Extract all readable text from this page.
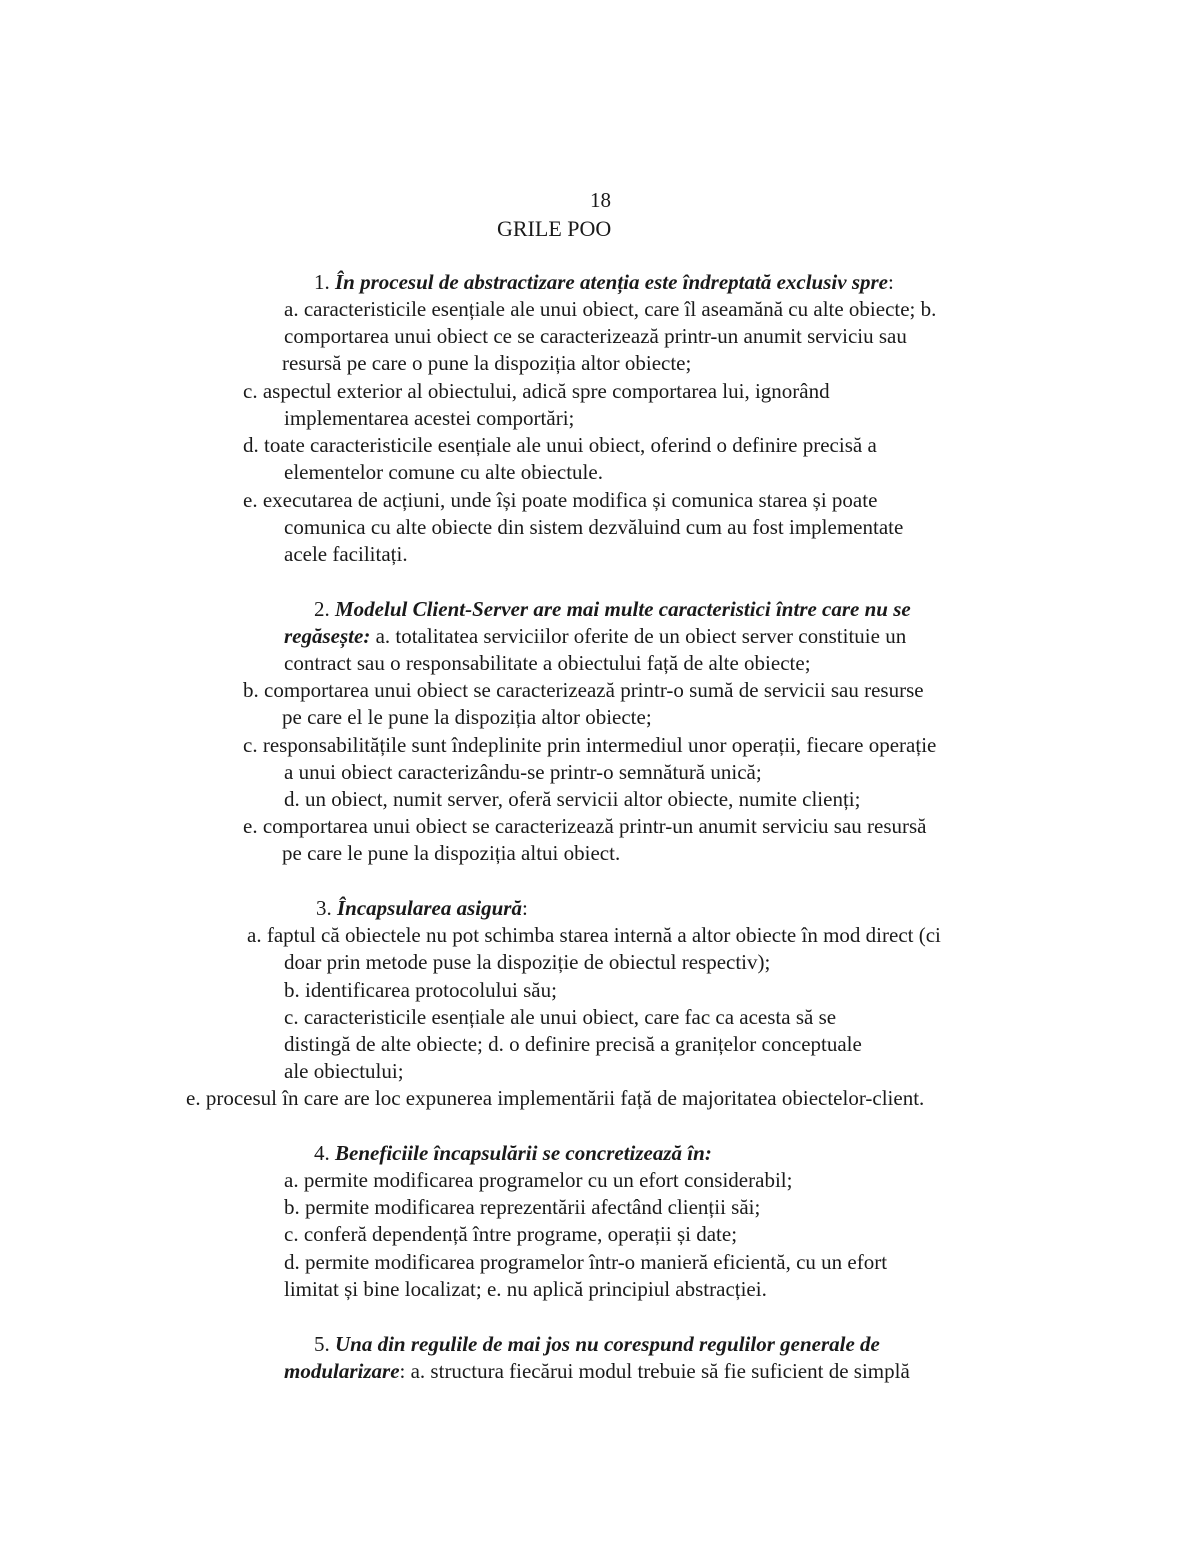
18
GRILE POO
1. În procesul de abstractizare atenția este îndreptată exclusiv spre:
a. caracteristicile esențiale ale unui obiect, care îl aseamănă cu alte obiecte; b.
comportarea unui obiect ce se caracterizează printr-un anumit serviciu sau
resursă pe care o pune la dispoziția altor obiecte;
c. aspectul exterior al obiectului, adică spre comportarea lui, ignorând
implementarea acestei comportări;
d. toate caracteristicile esențiale ale unui obiect, oferind o definire precisă a
elementelor comune cu alte obiectule.
e. executarea de acțiuni, unde își poate modifica și comunica starea și poate
comunica cu alte obiecte din sistem dezvăluind cum au fost implementate
acele facilitați.
2. Modelul Client-Server are mai multe caracteristici între care nu se
regăsește: a. totalitatea serviciilor oferite de un obiect server constituie un
contract sau o responsabilitate a obiectului față de alte obiecte;
b. comportarea unui obiect se caracterizează printr-o sumă de servicii sau resurse
pe care el le pune la dispoziția altor obiecte;
c. responsabilitățile sunt îndeplinite prin intermediul unor operații, fiecare operație
a unui obiect caracterizându-se printr-o semnătură unică;
d. un obiect, numit server, oferă servicii altor obiecte, numite clienți;
e. comportarea unui obiect se caracterizează printr-un anumit serviciu sau resursă
pe care le pune la dispoziția altui obiect.
3. Încapsularea asigură:
a. faptul că obiectele nu pot schimba starea internă a altor obiecte în mod direct (ci
doar prin metode puse la dispoziție de obiectul respectiv);
b. identificarea protocolului său;
c. caracteristicile esențiale ale unui obiect, care fac ca acesta să se
distingă de alte obiecte; d. o definire precisă a granițelor conceptuale
ale obiectului;
e. procesul în care are loc expunerea implementării față de majoritatea obiectelor-client.
4. Beneficiile încapsulării se concretizează în:
a. permite modificarea programelor cu un efort considerabil;
b. permite modificarea reprezentării afectând clienții săi;
c. conferă dependență între programe, operații și date;
d. permite modificarea programelor într-o manieră eficientă, cu un efort
limitat și bine localizat; e. nu aplică principiul abstracției.
5. Una din regulile de mai jos nu corespund regulilor generale de
modularizare: a. structura fiecărui modul trebuie să fie suficient de simplă
